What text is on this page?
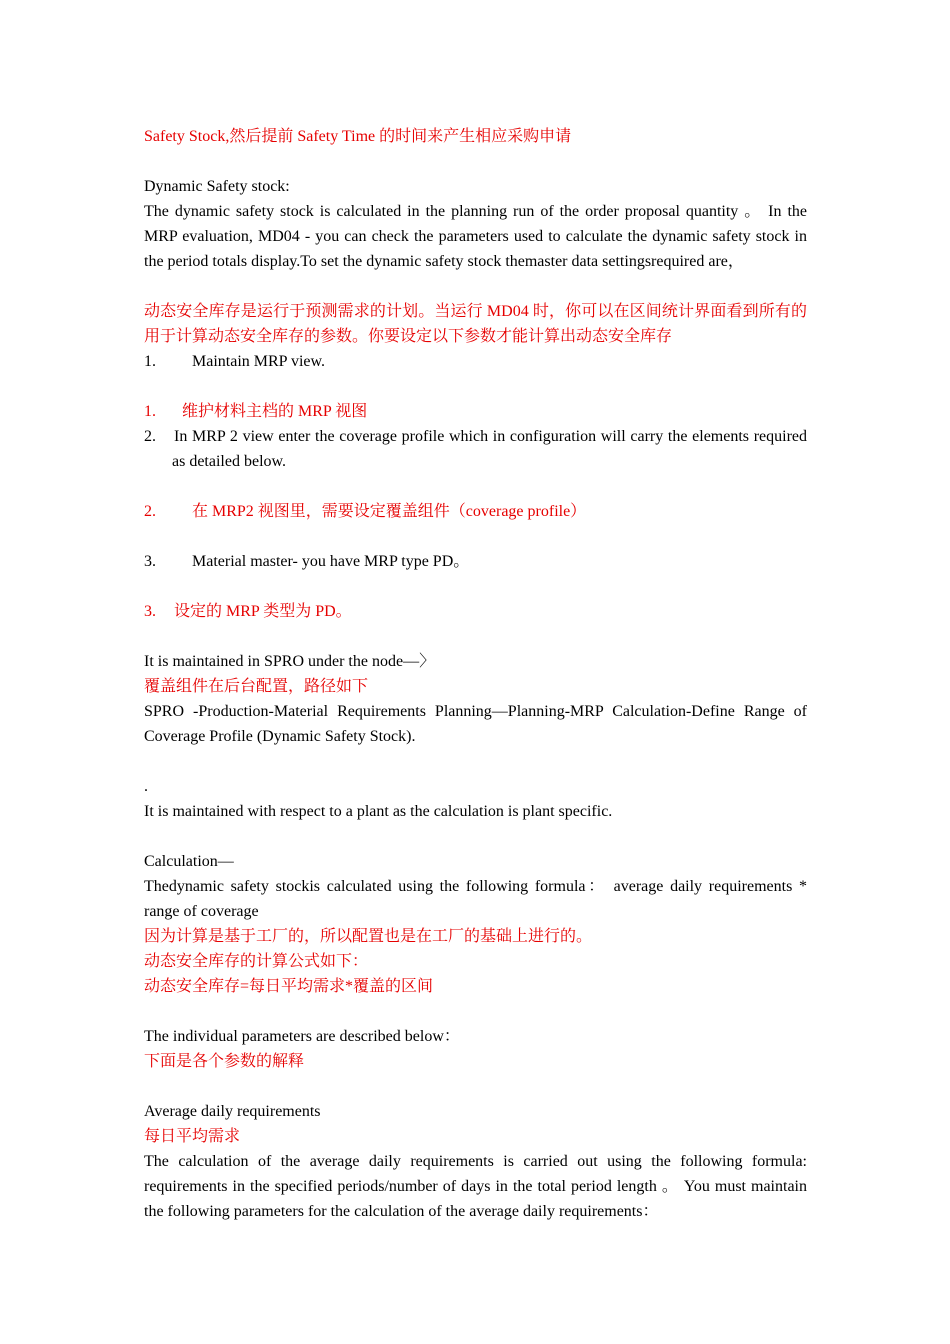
Safety Stock,然后提前 Safety Time 的时间来产生相应采购申请
Dynamic Safety stock:
The dynamic safety stock is calculated in the planning run of the order proposal quantity 。 In the MRP evaluation, MD04 - you can check the parameters used to calculate the dynamic safety stock in the period totals display.To set the dynamic safety stock themaster data settingsrequired are，
动态安全库存是运行于预测需求的计划。当运行 MD04 时，你可以在区间统计界面看到所有的用于计算动态安全库存的参数。你要设定以下参数才能计算出动态安全库存
1. Maintain MRP view.
1. 维护材料主档的 MRP 视图
2. In MRP 2 view enter the coverage profile which in configuration will carry the elements required as detailed below.
2. 在 MRP2 视图里，需要设定覆盖组件（coverage profile）
3. Material master- you have MRP type PD。
3. 设定的 MRP 类型为 PD。
It is maintained in SPRO under the node—〉
覆盖组件在后台配置，路径如下
SPRO -Production-Material Requirements Planning—Planning-MRP Calculation-Define Range of Coverage Profile (Dynamic Safety Stock).
.
It is maintained with respect to a plant as the calculation is plant specific.
Calculation—
Thedynamic safety stockis calculated using the following formula： average daily requirements * range of coverage
因为计算是基于工厂的，所以配置也是在工厂的基础上进行的。
动态安全库存的计算公式如下：
动态安全库存=每日平均需求*覆盖的区间
The individual parameters are described below：
下面是各个参数的解释
Average daily requirements
每日平均需求
The calculation of the average daily requirements is carried out using the following formula: requirements in the specified periods/number of days in the total period length 。 You must maintain the following parameters for the calculation of the average daily requirements：
